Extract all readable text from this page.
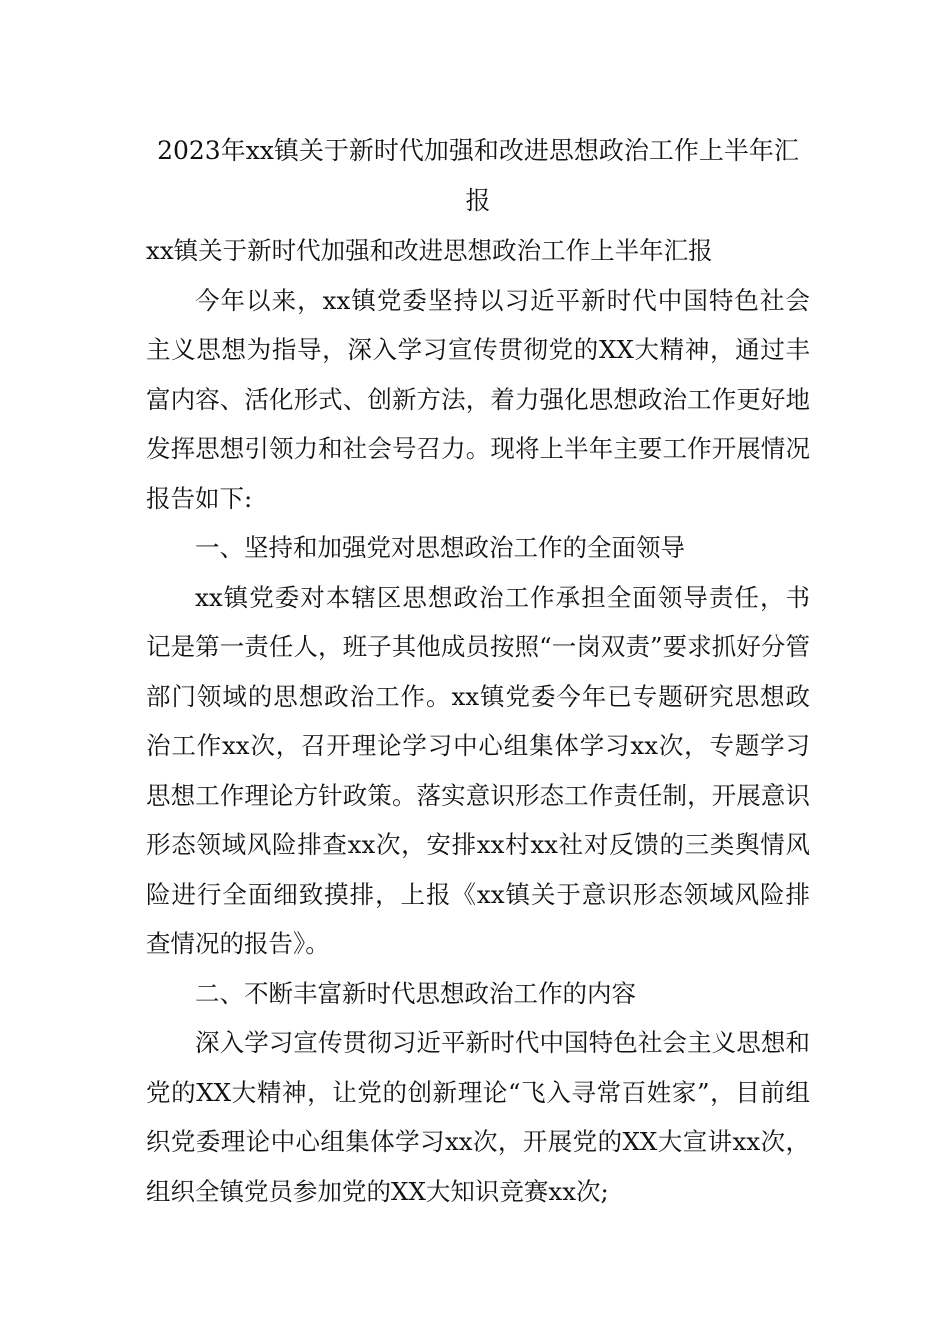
2023年xx镇关于新时代加强和改进思想政治工作上半年汇报

xx镇关于新时代加强和改进思想政治工作上半年汇报

今年以来，xx镇党委坚持以习近平新时代中国特色社会主义思想为指导，深入学习宣传贯彻党的XX大精神，通过丰富内容、活化形式、创新方法，着力强化思想政治工作更好地发挥思想引领力和社会号召力。现将上半年主要工作开展情况报告如下:

一、坚持和加强党对思想政治工作的全面领导

xx镇党委对本辖区思想政治工作承担全面领导责任，书记是第一责任人，班子其他成员按照“一岗双责”要求抓好分管部门领域的思想政治工作。xx镇党委今年已专题研究思想政治工作xx次，召开理论学习中心组集体学习xx次，专题学习思想工作理论方针政策。落实意识形态工作责任制，开展意识形态领域风险排查xx次，安排xx村xx社对反馈的三类舆情风险进行全面细致摸排，上报《xx镇关于意识形态领域风险排查情况的报告》。

二、不断丰富新时代思想政治工作的内容

深入学习宣传贯彻习近平新时代中国特色社会主义思想和党的XX大精神，让党的创新理论“飞入寻常百姓家”，目前组织党委理论中心组集体学习xx次，开展党的XX大宣讲xx次，组织全镇党员参加党的XX大知识竞赛xx次;
